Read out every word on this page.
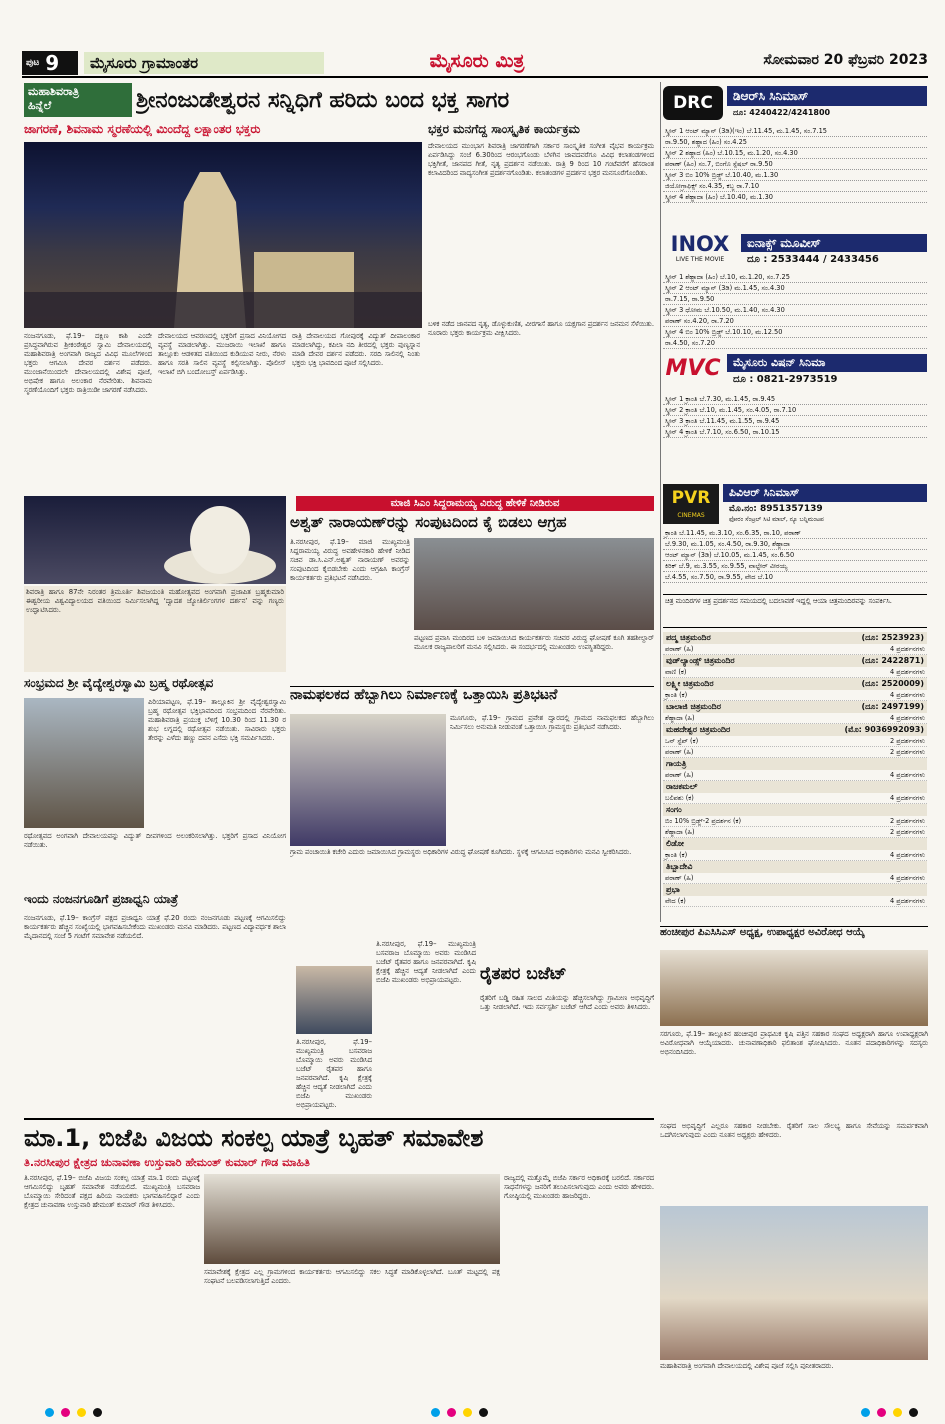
ಪುಟ 9	ಮೈಸೂರು ಗ್ರಾಮಾಂತರ	ಮೈಸೂರು ಮಿತ್ರ	ಸೋಮವಾರ 20 ಫೆಬ್ರವರಿ 2023
ಮಹಾಶಿವರಾತ್ರಿ
ಹಿನ್ನೆಲೆ	ಶ್ರೀನಂಜುಡೇಶ್ವರನ ಸನ್ನಿಧಿಗೆ ಹರಿದು ಬಂದ ಭಕ್ತ ಸಾಗರ
ಜಾಗರಣೆ, ಶಿವನಾಮ ಸ್ಮರಣೆಯಲ್ಲಿ ಮಿಂದೆದ್ದ ಲಕ್ಷಾಂತರ ಭಕ್ತರು
ನಂಜನಗೂಡು, ಫೆ.19– ದಕ್ಷಿಣ ಕಾಶಿ ಎಂದೇ ಪ್ರಸಿದ್ಧವಾಗಿರುವ ಶ್ರೀಕಂಠೇಶ್ವರ ಸ್ವಾಮಿ ದೇವಾಲಯದಲ್ಲಿ ಮಹಾಶಿವರಾತ್ರಿ ಅಂಗವಾಗಿ ರಾಜ್ಯದ ವಿವಿಧ ಮೂಲೆಗಳಿಂದ ಭಕ್ತರು ಆಗಮಿಸಿ ದೇವರ ದರ್ಶನ ಪಡೆದರು. ಮುಂಜಾನೆಯಿಂದಲೇ ದೇವಾಲಯದಲ್ಲಿ ವಿಶೇಷ ಪೂಜೆ, ಅಭಿಷೇಕ ಹಾಗೂ ಅಲಂಕಾರ ನೆರವೇರಿತು. ಶಿವನಾಮ ಸ್ಮರಣೆಯೊಂದಿಗೆ ಭಕ್ತರು ರಾತ್ರಿಯಿಡೀ ಜಾಗರಣೆ ನಡೆಸಿದರು.
ದೇವಾಲಯದ ಆವರಣದಲ್ಲಿ ಭಕ್ತರಿಗೆ ಪ್ರಸಾದ ವಿನಿಯೋಗದ ವ್ಯವಸ್ಥೆ ಮಾಡಲಾಗಿತ್ತು. ಮುಜರಾಯಿ ಇಲಾಖೆ ಹಾಗೂ ತಾಲ್ಲೂಕು ಆಡಳಿತದ ವತಿಯಿಂದ ಕುಡಿಯುವ ನೀರು, ನೆರಳು ಹಾಗೂ ಸರತಿ ಸಾಲಿನ ವ್ಯವಸ್ಥೆ ಕಲ್ಪಿಸಲಾಗಿತ್ತು. ಪೊಲೀಸ್ ಇಲಾಖೆ ಬಿಗಿ ಬಂದೋಬಸ್ತ್ ಏರ್ಪಡಿಸಿತ್ತು.
ರಾತ್ರಿ ದೇವಾಲಯದ ಗೋಪುರಕ್ಕೆ ವಿದ್ಯುತ್ ದೀಪಾಲಂಕಾರ ಮಾಡಲಾಗಿದ್ದು, ಕಪಿಲಾ ನದಿ ತೀರದಲ್ಲಿ ಭಕ್ತರು ಪುಣ್ಯಸ್ನಾನ ಮಾಡಿ ದೇವರ ದರ್ಶನ ಪಡೆದರು. ಸರದಿ ಸಾಲಿನಲ್ಲಿ ನಿಂತು ಭಕ್ತರು ಭಕ್ತಿ ಭಾವದಿಂದ ಪೂಜೆ ಸಲ್ಲಿಸಿದರು.
ಭಕ್ತರ ಮನಗೆದ್ದ ಸಾಂಸ್ಕೃತಿಕ ಕಾರ್ಯಕ್ರಮ
ದೇವಾಲಯದ ಮುಂಭಾಗ ಶಿವರಾತ್ರಿ ಜಾಗರಣೆಗಾಗಿ ಸರ್ಕಾರ ಸಾಂಸ್ಕೃತಿಕ ಸಂಗೀತ ವೈಭವ ಕಾರ್ಯಕ್ರಮ ಏರ್ಪಡಿಸಿದ್ದು ಸಂಜೆ 6.30ರಿಂದ ಆರಂಭಗೊಂಡು ಬೆಳಗಿನ ಜಾವದವರೆಗೂ ವಿವಿಧ ಕಲಾತಂಡಗಳಿಂದ ಭಕ್ತಿಗೀತೆ, ಜಾನಪದ ಗೀತೆ, ನೃತ್ಯ ಪ್ರದರ್ಶನ ನಡೆಯಿತು. ರಾತ್ರಿ 9 ರಿಂದ 10 ಗಂಟೆವರೆಗೆ ಹೆಸರಾಂತ ಕಲಾವಿದರಿಂದ ವಾದ್ಯಸಂಗೀತ ಪ್ರದರ್ಶನಗೊಂಡಿತು. ಕಲಾತಂಡಗಳ ಪ್ರದರ್ಶನ ಭಕ್ತರ ಮನಸೂರೆಗೊಂಡಿತು.
ಬಳಿಕ ನಡೆದ ಜಾನಪದ ನೃತ್ಯ, ಡೊಳ್ಳುಕುಣಿತ, ವೀರಗಾಸೆ ಹಾಗೂ ಯಕ್ಷಗಾನ ಪ್ರದರ್ಶನ ಜನಮನ ಸೆಳೆಯಿತು. ನೂರಾರು ಭಕ್ತರು ಕಾರ್ಯಕ್ರಮ ವೀಕ್ಷಿಸಿದರು.
ಶಿವರಾತ್ರಿ ಹಾಗೂ 87ನೇ ನಿರಂತರ ತ್ರಿಮೂರ್ತಿ ಶಿವಜಯಂತಿ ಮಹೋತ್ಸವದ ಅಂಗವಾಗಿ ಪ್ರಜಾಪಿತ ಬ್ರಹ್ಮಕುಮಾರಿ ಈಶ್ವರೀಯ ವಿಶ್ವವಿದ್ಯಾಲಯದ ವತಿಯಿಂದ ನಿರ್ಮಿಸಲಾಗಿದ್ದ ‘ದ್ವಾದಶ ಜ್ಯೋತಿರ್ಲಿಂಗಗಳ ದರ್ಶನ’ ವನ್ನು ಗಣ್ಯರು ಉದ್ಘಾಟಿಸಿದರು.
ಮಾಜಿ ಸಿಎಂ ಸಿದ್ದರಾಮಯ್ಯ ವಿರುದ್ಧ ಹೇಳಿಕೆ ನೀಡಿರುವ
ಅಶ್ವತ್ ನಾರಾಯಣ್‌ರನ್ನು ಸಂಪುಟದಿಂದ ಕೈ ಬಿಡಲು ಆಗ್ರಹ
ತಿ.ನರಸೀಪುರ, ಫೆ.19– ಮಾಜಿ ಮುಖ್ಯಮಂತ್ರಿ ಸಿದ್ದರಾಮಯ್ಯ ವಿರುದ್ಧ ಅವಹೇಳನಕಾರಿ ಹೇಳಿಕೆ ನೀಡಿದ ಸಚಿವ ಡಾ.ಸಿ.ಎನ್.ಅಶ್ವತ್ ನಾರಾಯಣ್ ಅವರನ್ನು ಸಂಪುಟದಿಂದ ಕೈಬಿಡಬೇಕು ಎಂದು ಆಗ್ರಹಿಸಿ ಕಾಂಗ್ರೆಸ್ ಕಾರ್ಯಕರ್ತರು ಪ್ರತಿಭಟನೆ ನಡೆಸಿದರು.
ಪಟ್ಟಣದ ಪ್ರವಾಸಿ ಮಂದಿರದ ಬಳಿ ಜಮಾಯಿಸಿದ ಕಾರ್ಯಕರ್ತರು ಸಚಿವರ ವಿರುದ್ಧ ಘೋಷಣೆ ಕೂಗಿ ತಹಶೀಲ್ದಾರ್ ಮೂಲಕ ರಾಜ್ಯಪಾಲರಿಗೆ ಮನವಿ ಸಲ್ಲಿಸಿದರು. ಈ ಸಂದರ್ಭದಲ್ಲಿ ಮುಖಂಡರು ಉಪಸ್ಥಿತರಿದ್ದರು.
ಸಂಭ್ರಮದ ಶ್ರೀ ವೈದ್ಯೇಶ್ವರಸ್ವಾಮಿ ಬ್ರಹ್ಮ ರಥೋತ್ಸವ
ಪಿರಿಯಾಪಟ್ಟಣ, ಫೆ.19– ತಾಲ್ಲೂಕಿನ ಶ್ರೀ ವೈದ್ಯೇಶ್ವರಸ್ವಾಮಿ ಬ್ರಹ್ಮ ರಥೋತ್ಸವ ಭಕ್ತಿಭಾವದಿಂದ ಸಂಭ್ರಮದಿಂದ ನೆರವೇರಿತು. ಮಹಾಶಿವರಾತ್ರಿ ಪ್ರಯುಕ್ತ ಬೆಳಿಗ್ಗೆ 10.30 ರಿಂದ 11.30 ರ ಶುಭ ಲಗ್ನದಲ್ಲಿ ರಥೋತ್ಸವ ನಡೆಯಿತು. ಸಾವಿರಾರು ಭಕ್ತರು ತೇರನ್ನು ಎಳೆದು ಹಣ್ಣು ದವನ ಎಸೆದು ಭಕ್ತಿ ಸಮರ್ಪಿಸಿದರು.
ರಥೋತ್ಸವದ ಅಂಗವಾಗಿ ದೇವಾಲಯವನ್ನು ವಿದ್ಯುತ್ ದೀಪಗಳಿಂದ ಅಲಂಕರಿಸಲಾಗಿತ್ತು. ಭಕ್ತರಿಗೆ ಪ್ರಸಾದ ವಿನಿಯೋಗ ನಡೆಯಿತು.
ನಾಮಫಲಕದ ಹೆಬ್ಬಾಗಿಲು ನಿರ್ಮಾಣಕ್ಕೆ ಒತ್ತಾಯಿಸಿ ಪ್ರತಿಭಟನೆ
ಮೂಗೂರು, ಫೆ.19– ಗ್ರಾಮದ ಪ್ರವೇಶ ದ್ವಾರದಲ್ಲಿ ಗ್ರಾಮದ ನಾಮಫಲಕದ ಹೆಬ್ಬಾಗಿಲು ನಿರ್ಮಿಸಲು ಅನುಮತಿ ನೀಡುವಂತೆ ಒತ್ತಾಯಿಸಿ ಗ್ರಾಮಸ್ಥರು ಪ್ರತಿಭಟನೆ ನಡೆಸಿದರು.
ಗ್ರಾಮ ಪಂಚಾಯಿತಿ ಕಚೇರಿ ಎದುರು ಜಮಾಯಿಸಿದ ಗ್ರಾಮಸ್ಥರು ಅಧಿಕಾರಿಗಳ ವಿರುದ್ಧ ಘೋಷಣೆ ಕೂಗಿದರು. ಸ್ಥಳಕ್ಕೆ ಆಗಮಿಸಿದ ಅಧಿಕಾರಿಗಳು ಮನವಿ ಸ್ವೀಕರಿಸಿದರು.
ಇಂದು ನಂಜನಗೂಡಿಗೆ ಪ್ರಜಾಧ್ವನಿ ಯಾತ್ರೆ
ನಂಜನಗೂಡು, ಫೆ.19– ಕಾಂಗ್ರೆಸ್ ಪಕ್ಷದ ಪ್ರಜಾಧ್ವನಿ ಯಾತ್ರೆ ಫೆ.20 ರಂದು ನಂಜನಗೂಡು ಪಟ್ಟಣಕ್ಕೆ ಆಗಮಿಸಲಿದ್ದು ಕಾರ್ಯಕರ್ತರು ಹೆಚ್ಚಿನ ಸಂಖ್ಯೆಯಲ್ಲಿ ಭಾಗವಹಿಸಬೇಕೆಂದು ಮುಖಂಡರು ಮನವಿ ಮಾಡಿದರು. ಪಟ್ಟಣದ ವಿದ್ಯಾವರ್ಧಕ ಶಾಲಾ ಮೈದಾನದಲ್ಲಿ ಸಂಜೆ 5 ಗಂಟೆಗೆ ಸಮಾವೇಶ ನಡೆಯಲಿದೆ.
ರೈತಪರ ಬಜೆಟ್
ತಿ.ನರಸೀಪುರ, ಫೆ.19– ಮುಖ್ಯಮಂತ್ರಿ ಬಸವರಾಜ ಬೊಮ್ಮಾಯಿ ಅವರು ಮಂಡಿಸಿದ ಬಜೆಟ್ ರೈತಪರ ಹಾಗೂ ಜನಪರವಾಗಿದೆ. ಕೃಷಿ ಕ್ಷೇತ್ರಕ್ಕೆ ಹೆಚ್ಚಿನ ಆದ್ಯತೆ ನೀಡಲಾಗಿದೆ ಎಂದು ಬಿಜೆಪಿ ಮುಖಂಡರು ಅಭಿಪ್ರಾಯಪಟ್ಟರು.
ರೈತರಿಗೆ ಬಡ್ಡಿ ರಹಿತ ಸಾಲದ ಮಿತಿಯನ್ನು ಹೆಚ್ಚಿಸಲಾಗಿದ್ದು ಗ್ರಾಮೀಣ ಅಭಿವೃದ್ಧಿಗೆ ಒತ್ತು ನೀಡಲಾಗಿದೆ. ಇದು ಸರ್ವಸ್ಪರ್ಶಿ ಬಜೆಟ್ ಆಗಿದೆ ಎಂದು ಅವರು ತಿಳಿಸಿದರು.
ತಿ.ನರಸೀಪುರ, ಫೆ.19– ಮುಖ್ಯಮಂತ್ರಿ ಬಸವರಾಜ ಬೊಮ್ಮಾಯಿ ಅವರು ಮಂಡಿಸಿದ ಬಜೆಟ್ ರೈತಪರ ಹಾಗೂ ಜನಪರವಾಗಿದೆ. ಕೃಷಿ ಕ್ಷೇತ್ರಕ್ಕೆ ಹೆಚ್ಚಿನ ಆದ್ಯತೆ ನೀಡಲಾಗಿದೆ ಎಂದು ಬಿಜೆಪಿ ಮುಖಂಡರು ಅಭಿಪ್ರಾಯಪಟ್ಟರು.
ಮಾ.1, ಬಿಜೆಪಿ ವಿಜಯ ಸಂಕಲ್ಪ ಯಾತ್ರೆ ಬೃಹತ್ ಸಮಾವೇಶ
ತಿ.ನರಸೀಪುರ ಕ್ಷೇತ್ರದ ಚುನಾವಣಾ ಉಸ್ತುವಾರಿ ಹೇಮಂತ್ ಕುಮಾರ್ ಗೌಡ ಮಾಹಿತಿ
ತಿ.ನರಸೀಪುರ, ಫೆ.19– ಬಿಜೆಪಿ ವಿಜಯ ಸಂಕಲ್ಪ ಯಾತ್ರೆ ಮಾ.1 ರಂದು ಪಟ್ಟಣಕ್ಕೆ ಆಗಮಿಸಲಿದ್ದು ಬೃಹತ್ ಸಮಾವೇಶ ನಡೆಯಲಿದೆ. ಮುಖ್ಯಮಂತ್ರಿ ಬಸವರಾಜ ಬೊಮ್ಮಾಯಿ ಸೇರಿದಂತೆ ಪಕ್ಷದ ಹಿರಿಯ ನಾಯಕರು ಭಾಗವಹಿಸಲಿದ್ದಾರೆ ಎಂದು ಕ್ಷೇತ್ರದ ಚುನಾವಣಾ ಉಸ್ತುವಾರಿ ಹೇಮಂತ್ ಕುಮಾರ್ ಗೌಡ ತಿಳಿಸಿದರು.
ಸಮಾವೇಶಕ್ಕೆ ಕ್ಷೇತ್ರದ ಎಲ್ಲ ಗ್ರಾಮಗಳಿಂದ ಕಾರ್ಯಕರ್ತರು ಆಗಮಿಸಲಿದ್ದು ಸಕಲ ಸಿದ್ಧತೆ ಮಾಡಿಕೊಳ್ಳಲಾಗಿದೆ. ಬೂತ್ ಮಟ್ಟದಲ್ಲಿ ಪಕ್ಷ ಸಂಘಟನೆ ಬಲಪಡಿಸಲಾಗುತ್ತಿದೆ ಎಂದರು.
ರಾಜ್ಯದಲ್ಲಿ ಮತ್ತೊಮ್ಮೆ ಬಿಜೆಪಿ ಸರ್ಕಾರ ಅಧಿಕಾರಕ್ಕೆ ಬರಲಿದೆ. ಸರ್ಕಾರದ ಸಾಧನೆಗಳನ್ನು ಜನರಿಗೆ ತಲುಪಿಸಲಾಗುವುದು ಎಂದು ಅವರು ಹೇಳಿದರು. ಗೋಷ್ಠಿಯಲ್ಲಿ ಮುಖಂಡರು ಹಾಜರಿದ್ದರು.
DRC	ಡಿಆರ್‌ಸಿ ಸಿನಿಮಾಸ್
ದೂ: 4240422/4241800
ಸ್ಕ್ರೀನ್ 1 ಆಂಟ್ ಮ್ಯಾನ್ (3ಡಿ)(ಇಂ) ಬೆ.11.45, ಮ.1.45, ಸಂ.7.15
ರಾ.9.50, ಶಹ್ಜಾದ (ಹಿಂ) ಸಂ.4.25
ಸ್ಕ್ರೀನ್ 2 ಶಹ್ಜಾದ (ಹಿಂ) ಬೆ.10.15, ಮ.1.20, ಸಂ.4.30
ಪಠಾಣ್ (ಹಿಂ) ಸಂ.7, ಬಿಂಗೊ ಸ್ಪೆಷಲ್ ರಾ.9.50
ಸ್ಕ್ರೀನ್ 3 ಬಿಂ 10% ಬ್ರಿಡ್ಜ್ ಬೆ.10.40, ಮ.1.30
ಜಿಯೋಗ್ರಾಫಿಕ್ಸ್ ಸಂ.4.35, ಕಬ್ಜ ರಾ.7.10
ಸ್ಕ್ರೀನ್ 4 ಶೆಹ್ಜಾದಾ (ಹಿಂ) ಬೆ.10.40, ಮ.1.30
INOX
LIVE THE MOVIE
ಐನಾಕ್ಸ್ ಮೂವೀಸ್
ದೂ : 2533444 / 2433456
ಸ್ಕ್ರೀನ್ 1 ಶೆಹ್ಜಾದಾ (ಹಿಂ) ಬೆ.10, ಮ.1.20, ಸಂ.7.25
ಸ್ಕ್ರೀನ್ 2 ಆಂಟ್ ಮ್ಯಾನ್ (3ಡಿ) ಮ.1.45, ಸಂ.4.30
ರಾ.7.15, ರಾ.9.50
ಸ್ಕ್ರೀನ್ 3 ಧೋಮ ಬೆ.10.50, ಮ.1.40, ಸಂ.4.30
ಪಠಾಣ್ ಸಂ.4.20, ರಾ.7.20
ಸ್ಕ್ರೀನ್ 4 ಬಿಂ 10% ಬ್ರಿಡ್ಜ್ ಬೆ.10.10, ಮ.12.50
ರಾ.4.50, ಸಂ.7.20
MVC	ಮೈಸೂರು ವಿಷನ್ ಸಿನಿಮಾ
ದೂ : 0821-2973519
ಸ್ಕ್ರೀನ್ 1 ಕ್ರಾಂತಿ ಬೆ.7.30, ಮ.1.45, ರಾ.9.45
ಸ್ಕ್ರೀನ್ 2 ಕ್ರಾಂತಿ ಬೆ.10, ಮ.1.45, ಸಂ.4.05, ರಾ.7.10
ಸ್ಕ್ರೀನ್ 3 ಕ್ರಾಂತಿ ಬೆ.11.45, ಮ.1.55, ರಾ.9.45
ಸ್ಕ್ರೀನ್ 4 ಕ್ರಾಂತಿ ಬೆ.7.10, ಸಂ.6.50, ರಾ.10.15
PVR
CINEMAS
ಪಿವಿಆರ್ ಸಿನಿಮಾಸ್
ಮೊ.ನಂ: 8951357139
ಫೋರಂ ಸೆಂಟ್ರಲ್ ಸಿಟಿ ಮಾಲ್, ನ್ಯೂ ಬನ್ನಿಮಂಟಪ
ಕ್ರಾಂತಿ ಬೆ.11.45, ಮ.3.10, ಸಂ.6.35, ರಾ.10, ಪಠಾಣ್
ಬೆ.9.30, ಮ.1.05, ಸಂ.4.50, ರಾ.9.30, ಶೆಹ್ಜಾದಾ
ಆಂಟ್ ಮ್ಯಾನ್ (3ಡಿ) ಬೆ.10.05, ಮ.1.45, ಸಂ.6.50
ಕಿರಿಕ್ ಬೆ.9, ಮ.3.55, ಸಂ.9.55, ವಾಲ್ಟೇರ್ ವೀರಯ್ಯ
ಬೆ.4.55, ಸಂ.7.50, ರಾ.9.55, ವೇದ ಬೆ.10
ಚಿತ್ರ ಮಂದಿರಗಳ ಚಿತ್ರ ಪ್ರದರ್ಶನದ ಸಮಯದಲ್ಲಿ ಬದಲಾವಣೆ ಇದ್ದಲ್ಲಿ ಆಯಾ ಚಿತ್ರಮಂದಿರವನ್ನು ಸಂಪರ್ಕಿಸಿ.
ಪದ್ಮ ಚಿತ್ರಮಂದಿರ	(ದೂ: 2523923)
ಪಠಾಣ್ (ಹಿ)	4 ಪ್ರದರ್ಶನಗಳು
ವುಡ್‌ಲ್ಯಾಂಡ್ಸ್ ಚಿತ್ರಮಂದಿರ	(ದೂ: 2422871)
ವಾಣಿ (ಕ)	4 ಪ್ರದರ್ಶನಗಳು
ಲಕ್ಷ್ಮೀ ಚಿತ್ರಮಂದಿರ	(ದೂ: 2520009)
ಕ್ರಾಂತಿ (ಕ)	4 ಪ್ರದರ್ಶನಗಳು
ಬಾಲಾಜಿ ಚಿತ್ರಮಂದಿರ	(ದೂ: 2497199)
ಶೆಹ್ಜಾದಾ (ಹಿ)	4 ಪ್ರದರ್ಶನಗಳು
ಮಹದೇಶ್ವರ ಚಿತ್ರಮಂದಿರ	(ಮೊ: 9036992093)
ಒನ್ ಸ್ಟೆಪ್ (ಕ)	2 ಪ್ರದರ್ಶನಗಳು
ಪಠಾಣ್ (ಹಿ)	2 ಪ್ರದರ್ಶನಗಳು
ಗಾಯತ್ರಿ
ಪಠಾಣ್ (ಹಿ)	4 ಪ್ರದರ್ಶನಗಳು
ರಾಜಕಮಲ್
ಬಲಿಪಶು (ಕ)	4 ಪ್ರದರ್ಶನಗಳು
ಸಂಗಂ
ಬಿಂ 10% ಬ್ರಿಡ್ಜ್-2 ಪ್ರದರ್ಶನ (ಕ)	2 ಪ್ರದರ್ಶನಗಳು
ಶೆಹ್ಜಾದಾ (ಹಿ)	2 ಪ್ರದರ್ಶನಗಳು
ಲಿಡೋ
ಕ್ರಾಂತಿ (ಕ)	4 ಪ್ರದರ್ಶನಗಳು
ತಿಬ್ಬಾದೇವಿ
ಪಠಾಣ್ (ಹಿ)	4 ಪ್ರದರ್ಶನಗಳು
ಪ್ರಭಾ
ವೇದ (ಕ)	4 ಪ್ರದರ್ಶನಗಳು
ಹಂಚೀಪುರ ಪಿಎಸಿಸಿಎಸ್ ಅಧ್ಯಕ್ಷ, ಉಪಾಧ್ಯಕ್ಷರ ಅವಿರೋಧ ಆಯ್ಕೆ
ಸರಗೂರು, ಫೆ.19– ತಾಲ್ಲೂಕಿನ ಹಂಚೀಪುರ ಪ್ರಾಥಮಿಕ ಕೃಷಿ ಪತ್ತಿನ ಸಹಕಾರ ಸಂಘದ ಅಧ್ಯಕ್ಷರಾಗಿ ಹಾಗೂ ಉಪಾಧ್ಯಕ್ಷರಾಗಿ ಅವಿರೋಧವಾಗಿ ಆಯ್ಕೆಯಾದರು. ಚುನಾವಣಾಧಿಕಾರಿ ಫಲಿತಾಂಶ ಘೋಷಿಸಿದರು. ನೂತನ ಪದಾಧಿಕಾರಿಗಳನ್ನು ಸದಸ್ಯರು ಅಭಿನಂದಿಸಿದರು.
ಸಂಘದ ಅಭಿವೃದ್ಧಿಗೆ ಎಲ್ಲರೂ ಸಹಕಾರ ನೀಡಬೇಕು. ರೈತರಿಗೆ ಸಾಲ ಸೌಲಭ್ಯ ಹಾಗೂ ಸೇವೆಯನ್ನು ಸಮರ್ಪಕವಾಗಿ ಒದಗಿಸಲಾಗುವುದು ಎಂದು ನೂತನ ಅಧ್ಯಕ್ಷರು ಹೇಳಿದರು.
ಮಹಾಶಿವರಾತ್ರಿ ಅಂಗವಾಗಿ ದೇವಾಲಯದಲ್ಲಿ ವಿಶೇಷ ಪೂಜೆ ಸಲ್ಲಿಸಿ ಪುನೀತರಾದರು.
